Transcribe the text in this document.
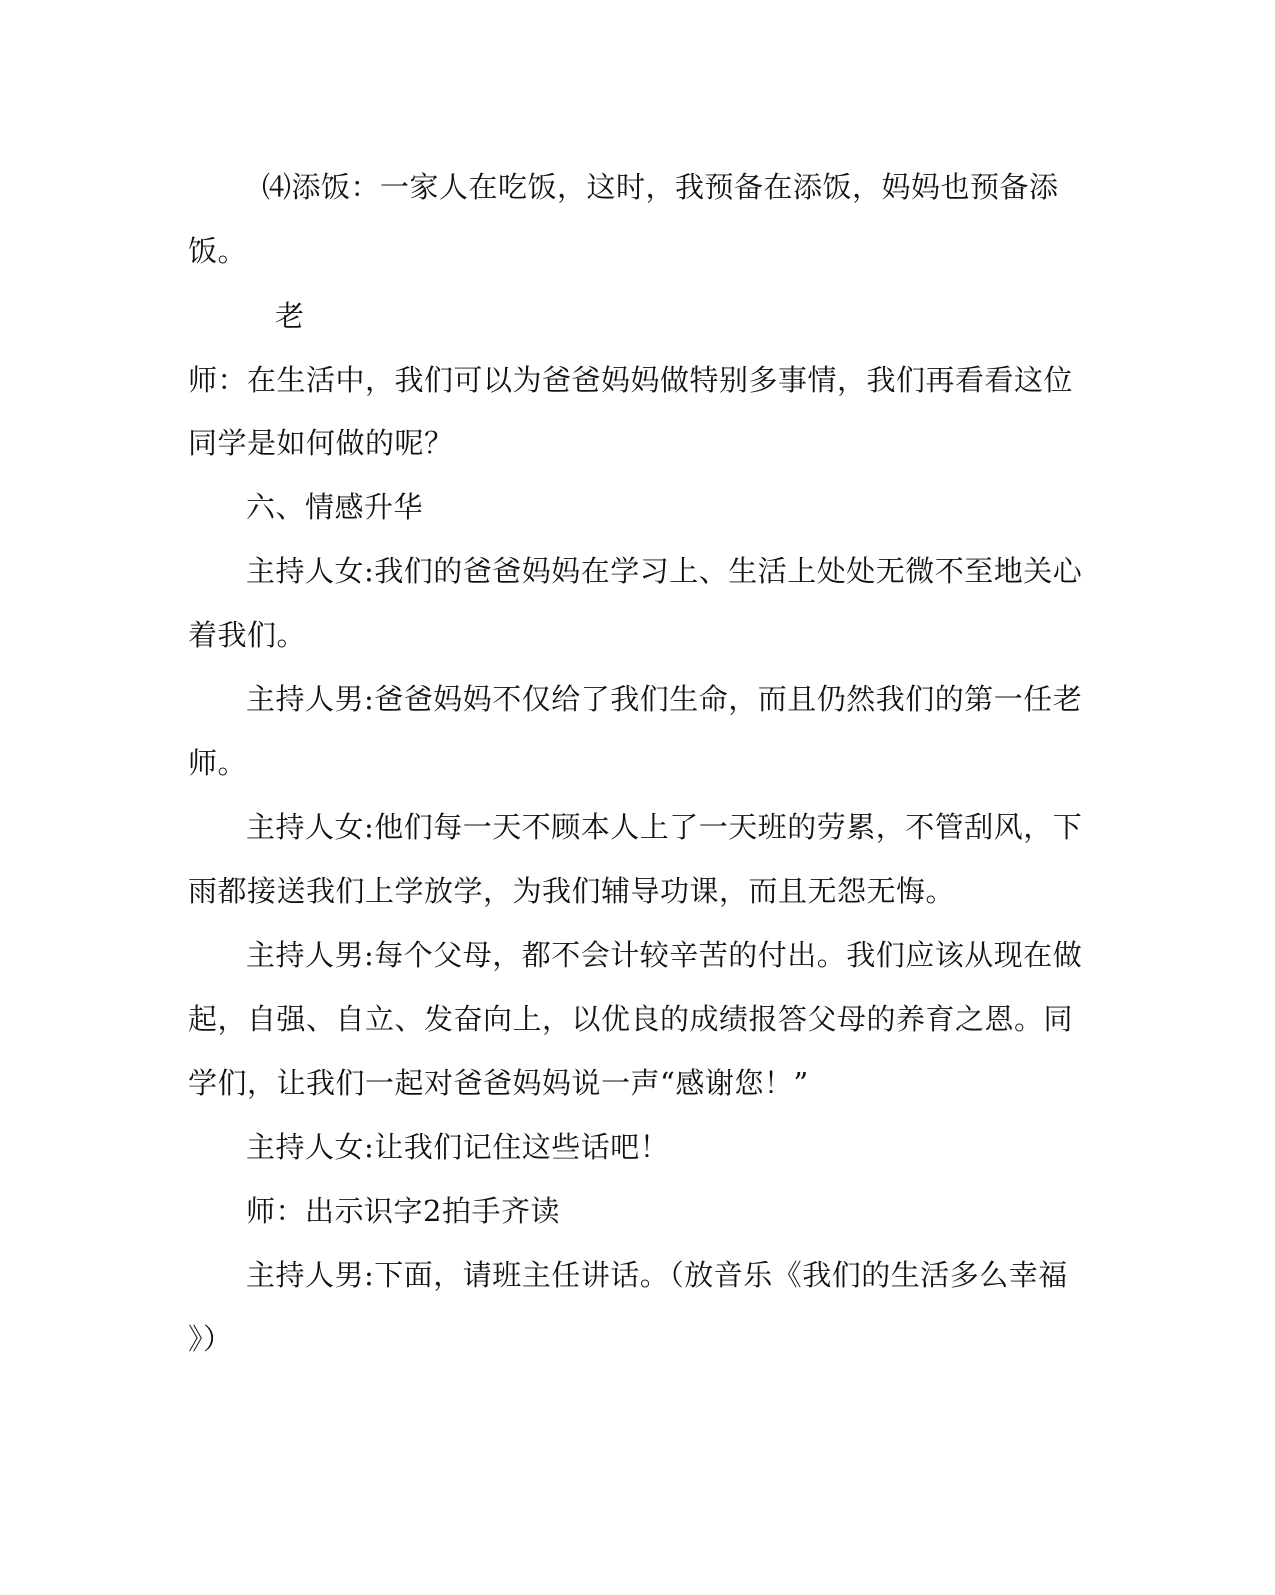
⑷添饭：一家人在吃饭，这时，我预备在添饭，妈妈也预备添
饭。
老
师：在生活中，我们可以为爸爸妈妈做特别多事情，我们再看看这位
同学是如何做的呢？
六、情感升华
主持人女:我们的爸爸妈妈在学习上、生活上处处无微不至地关心
着我们。
主持人男:爸爸妈妈不仅给了我们生命，而且仍然我们的第一任老
师。
主持人女:他们每一天不顾本人上了一天班的劳累，不管刮风，下
雨都接送我们上学放学，为我们辅导功课，而且无怨无悔。
主持人男:每个父母，都不会计较辛苦的付出。我们应该从现在做
起，自强、自立、发奋向上，以优良的成绩报答父母的养育之恩。同
学们，让我们一起对爸爸妈妈说一声“感谢您！”
主持人女:让我们记住这些话吧！
师：出示识字2拍手齐读
主持人男:下面，请班主任讲话。（放音乐《我们的生活多么幸福
》）
